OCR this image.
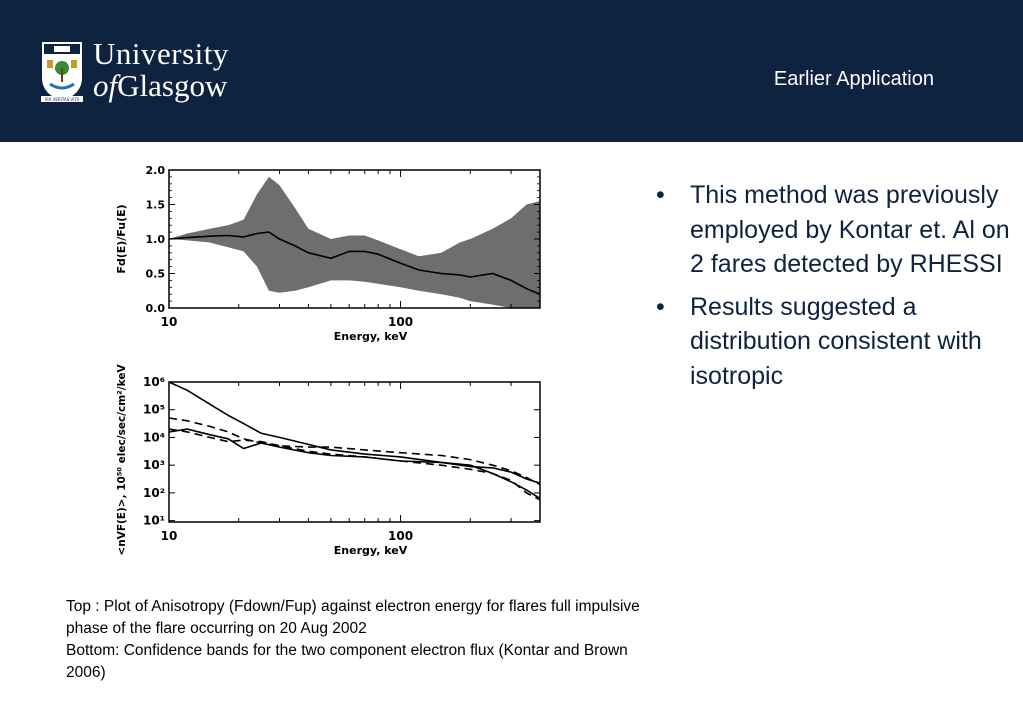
VIA VERITAS VITA
University
ofGlasgow	Earlier Application
2.0
1.5
1.0
0.5
0.0
10	100
Energy, keV
Fd(E)/Fu(E)
10⁶
10⁵
10⁴
10³
10²
10¹
10	100
Energy, keV
<nVF(E)>, 10⁵⁰ elec/sec/cm²/keV
• This method was previously employed by Kontar et. Al on 2 fares detected by RHESSI
• Results suggested a distribution consistent with isotropic
Top : Plot of Anisotropy (Fdown/Fup) against electron energy for flares full impulsive phase of the flare occurring on 20 Aug 2002
Bottom: Confidence bands for the two component electron flux (Kontar and Brown 2006)
